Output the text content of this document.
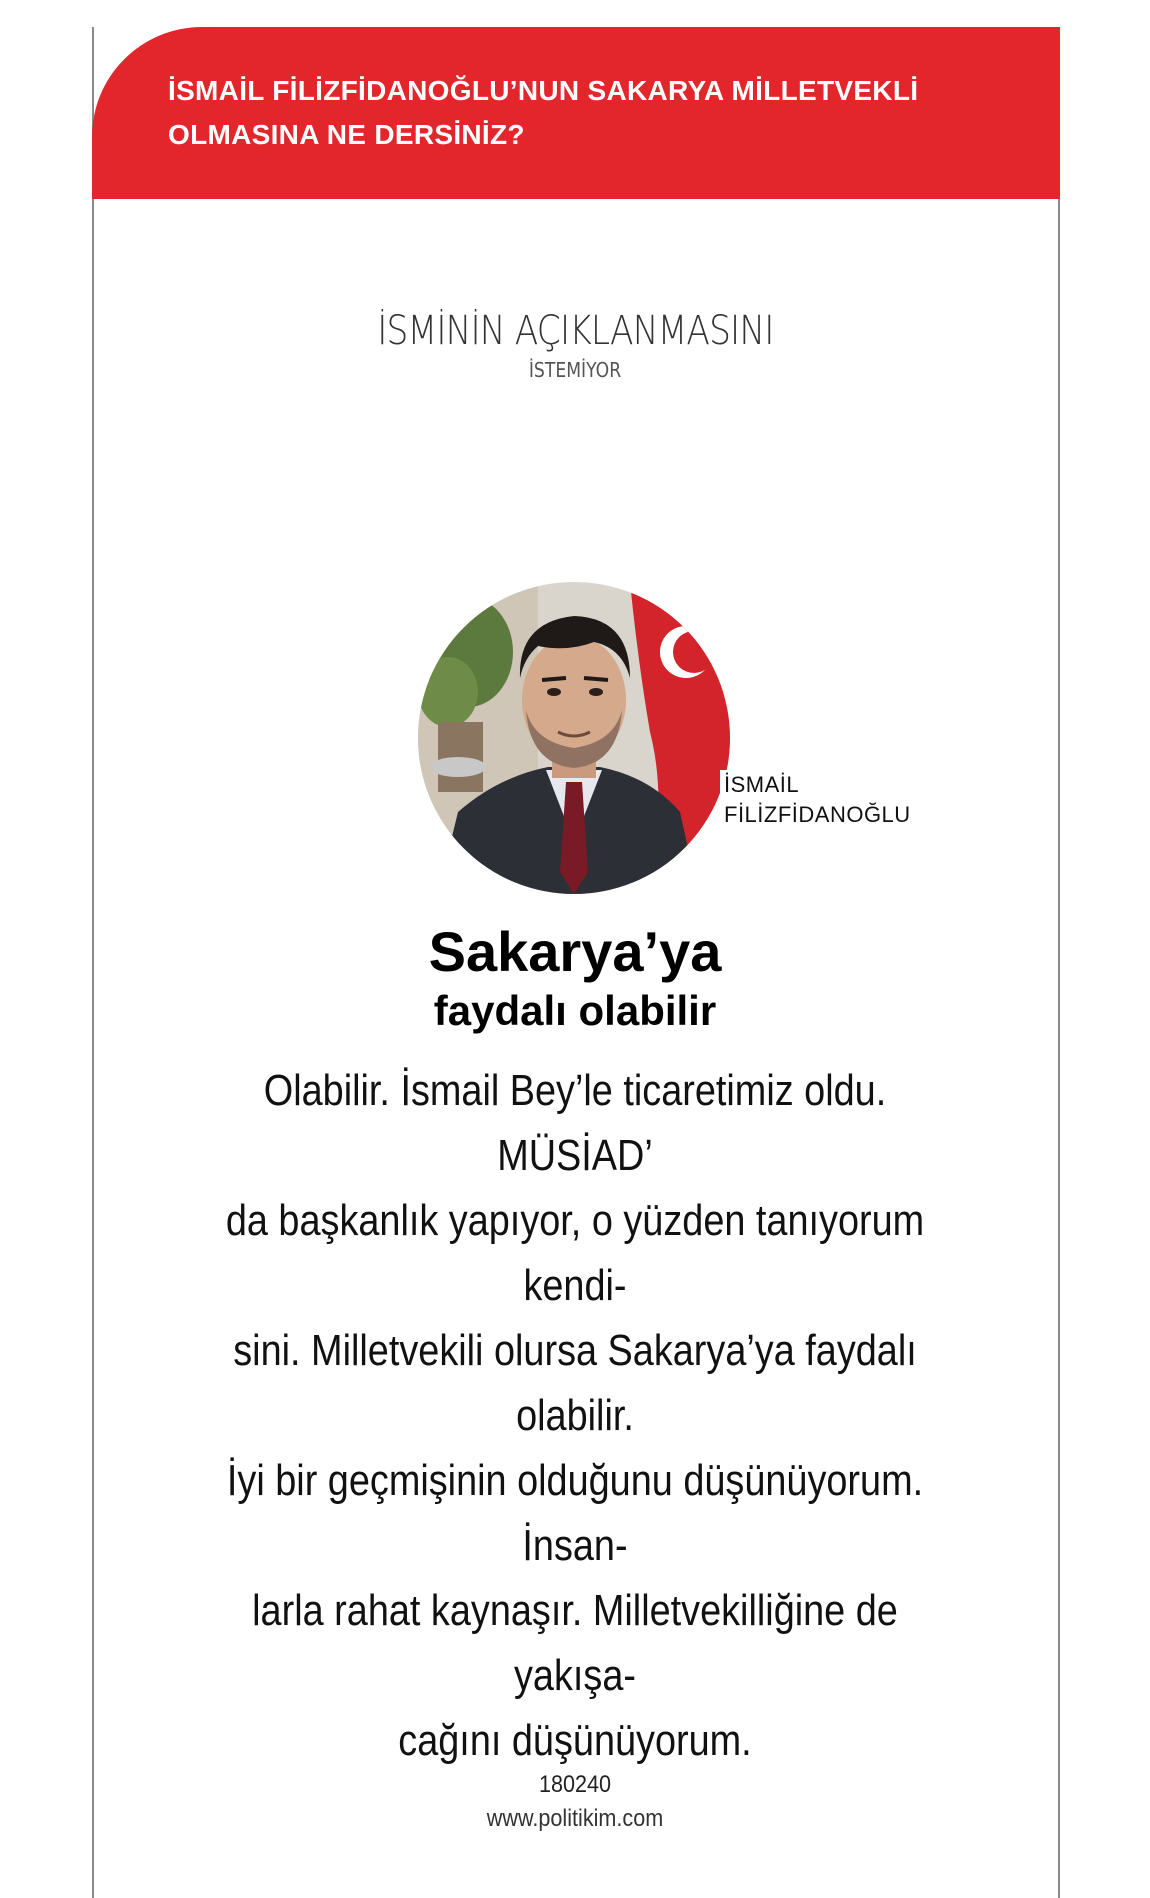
İSMAİL FİLİZFİDANOĞLU’NUN SAKARYA MİLLETVEKLİ
OLMASINA NE DERSİNİZ?

İSMİNİN AÇIKLANMASINI
İSTEMİYOR
İSMAİL
FİLİZFİDANOĞLU
Sakarya’ya
faydalı olabilir
Olabilir. İsmail Bey’le ticaretimiz oldu. MÜSİAD’
da başkanlık yapıyor, o yüzden tanıyorum kendi-
sini. Milletvekili olursa Sakarya’ya faydalı olabilir.
İyi bir geçmişinin olduğunu düşünüyorum. İnsan-
larla rahat kaynaşır. Milletvekilliğine de yakışa-
cağını düşünüyorum.
180240
www.politikim.com
